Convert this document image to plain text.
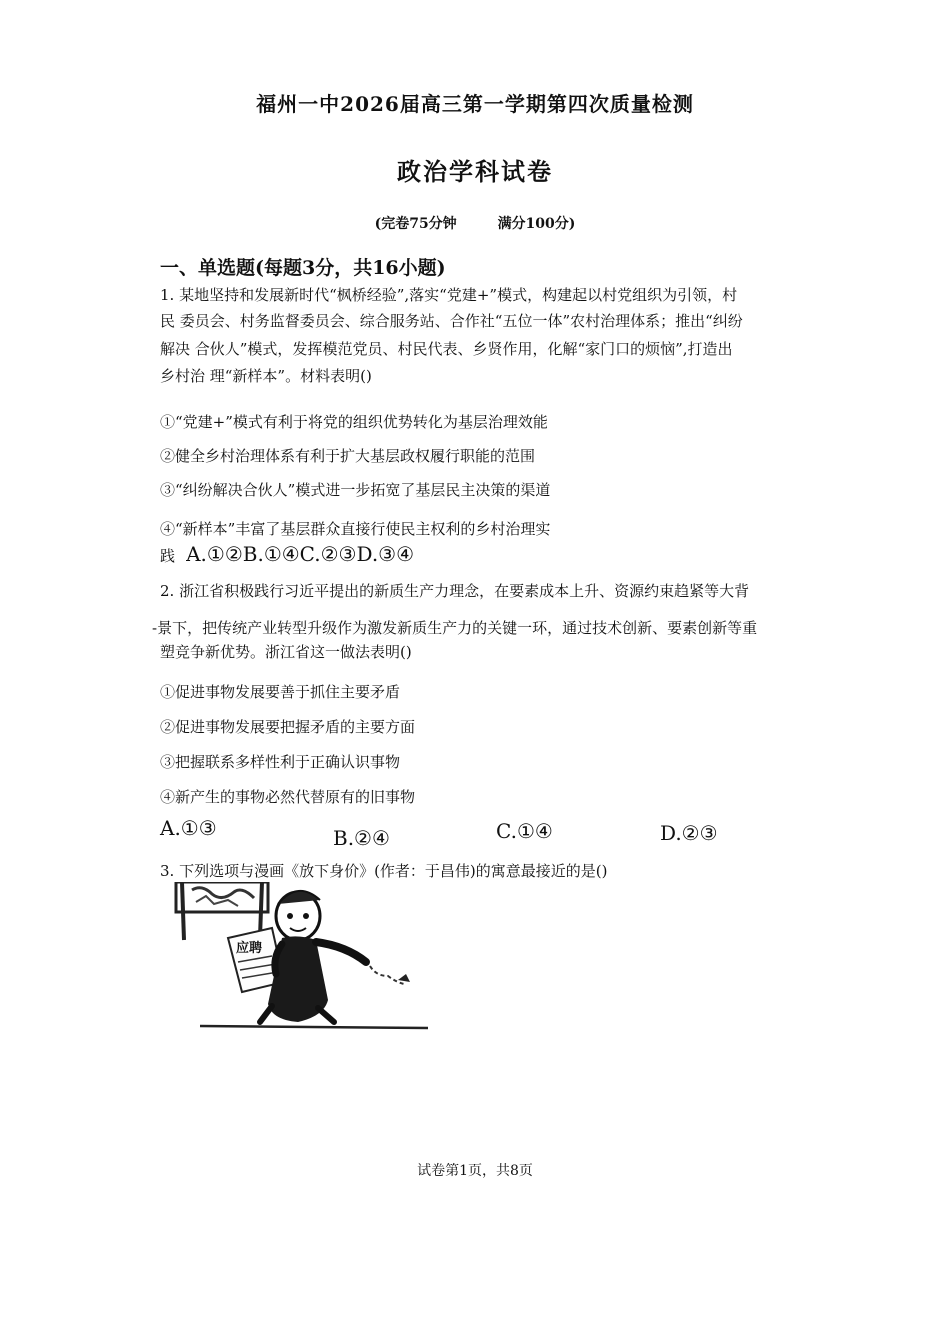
福州一中2026届高三第一学期第四次质量检测
政治学科试卷
(完卷75分钟	满分100分)
一、单选题(每题3分，共16小题)
1. 某地坚持和发展新时代“枫桥经验”,落实“党建+”模式，构建起以村党组织为引领，村
民 委员会、村务监督委员会、综合服务站、合作社“五位一体”农村治理体系；推出“纠纷
解决 合伙人”模式，发挥模范党员、村民代表、乡贤作用，化解“家门口的烦恼”,打造出
乡村治 理“新样本”。材料表明()
①“党建+”模式有利于将党的组织优势转化为基层治理效能
②健全乡村治理体系有利于扩大基层政权履行职能的范围
③“纠纷解决合伙人”模式进一步拓宽了基层民主决策的渠道
④“新样本”丰富了基层群众直接行使民主权利的乡村治理实
践 A.①②B.①④C.②③D.③④
2. 浙江省积极践行习近平提出的新质生产力理念，在要素成本上升、资源约束趋紧等大背
-景下，把传统产业转型升级作为激发新质生产力的关键一环，通过技术创新、要素创新等重
塑竞争新优势。浙江省这一做法表明()
①促进事物发展要善于抓住主要矛盾
②促进事物发展要把握矛盾的主要方面
③把握联系多样性利于正确认识事物
④新产生的事物必然代替原有的旧事物
A.①③	B.②④	C.①④	D.②③
3. 下列选项与漫画《放下身价》(作者：于昌伟)的寓意最接近的是()
应聘
试卷第1页，共8页
